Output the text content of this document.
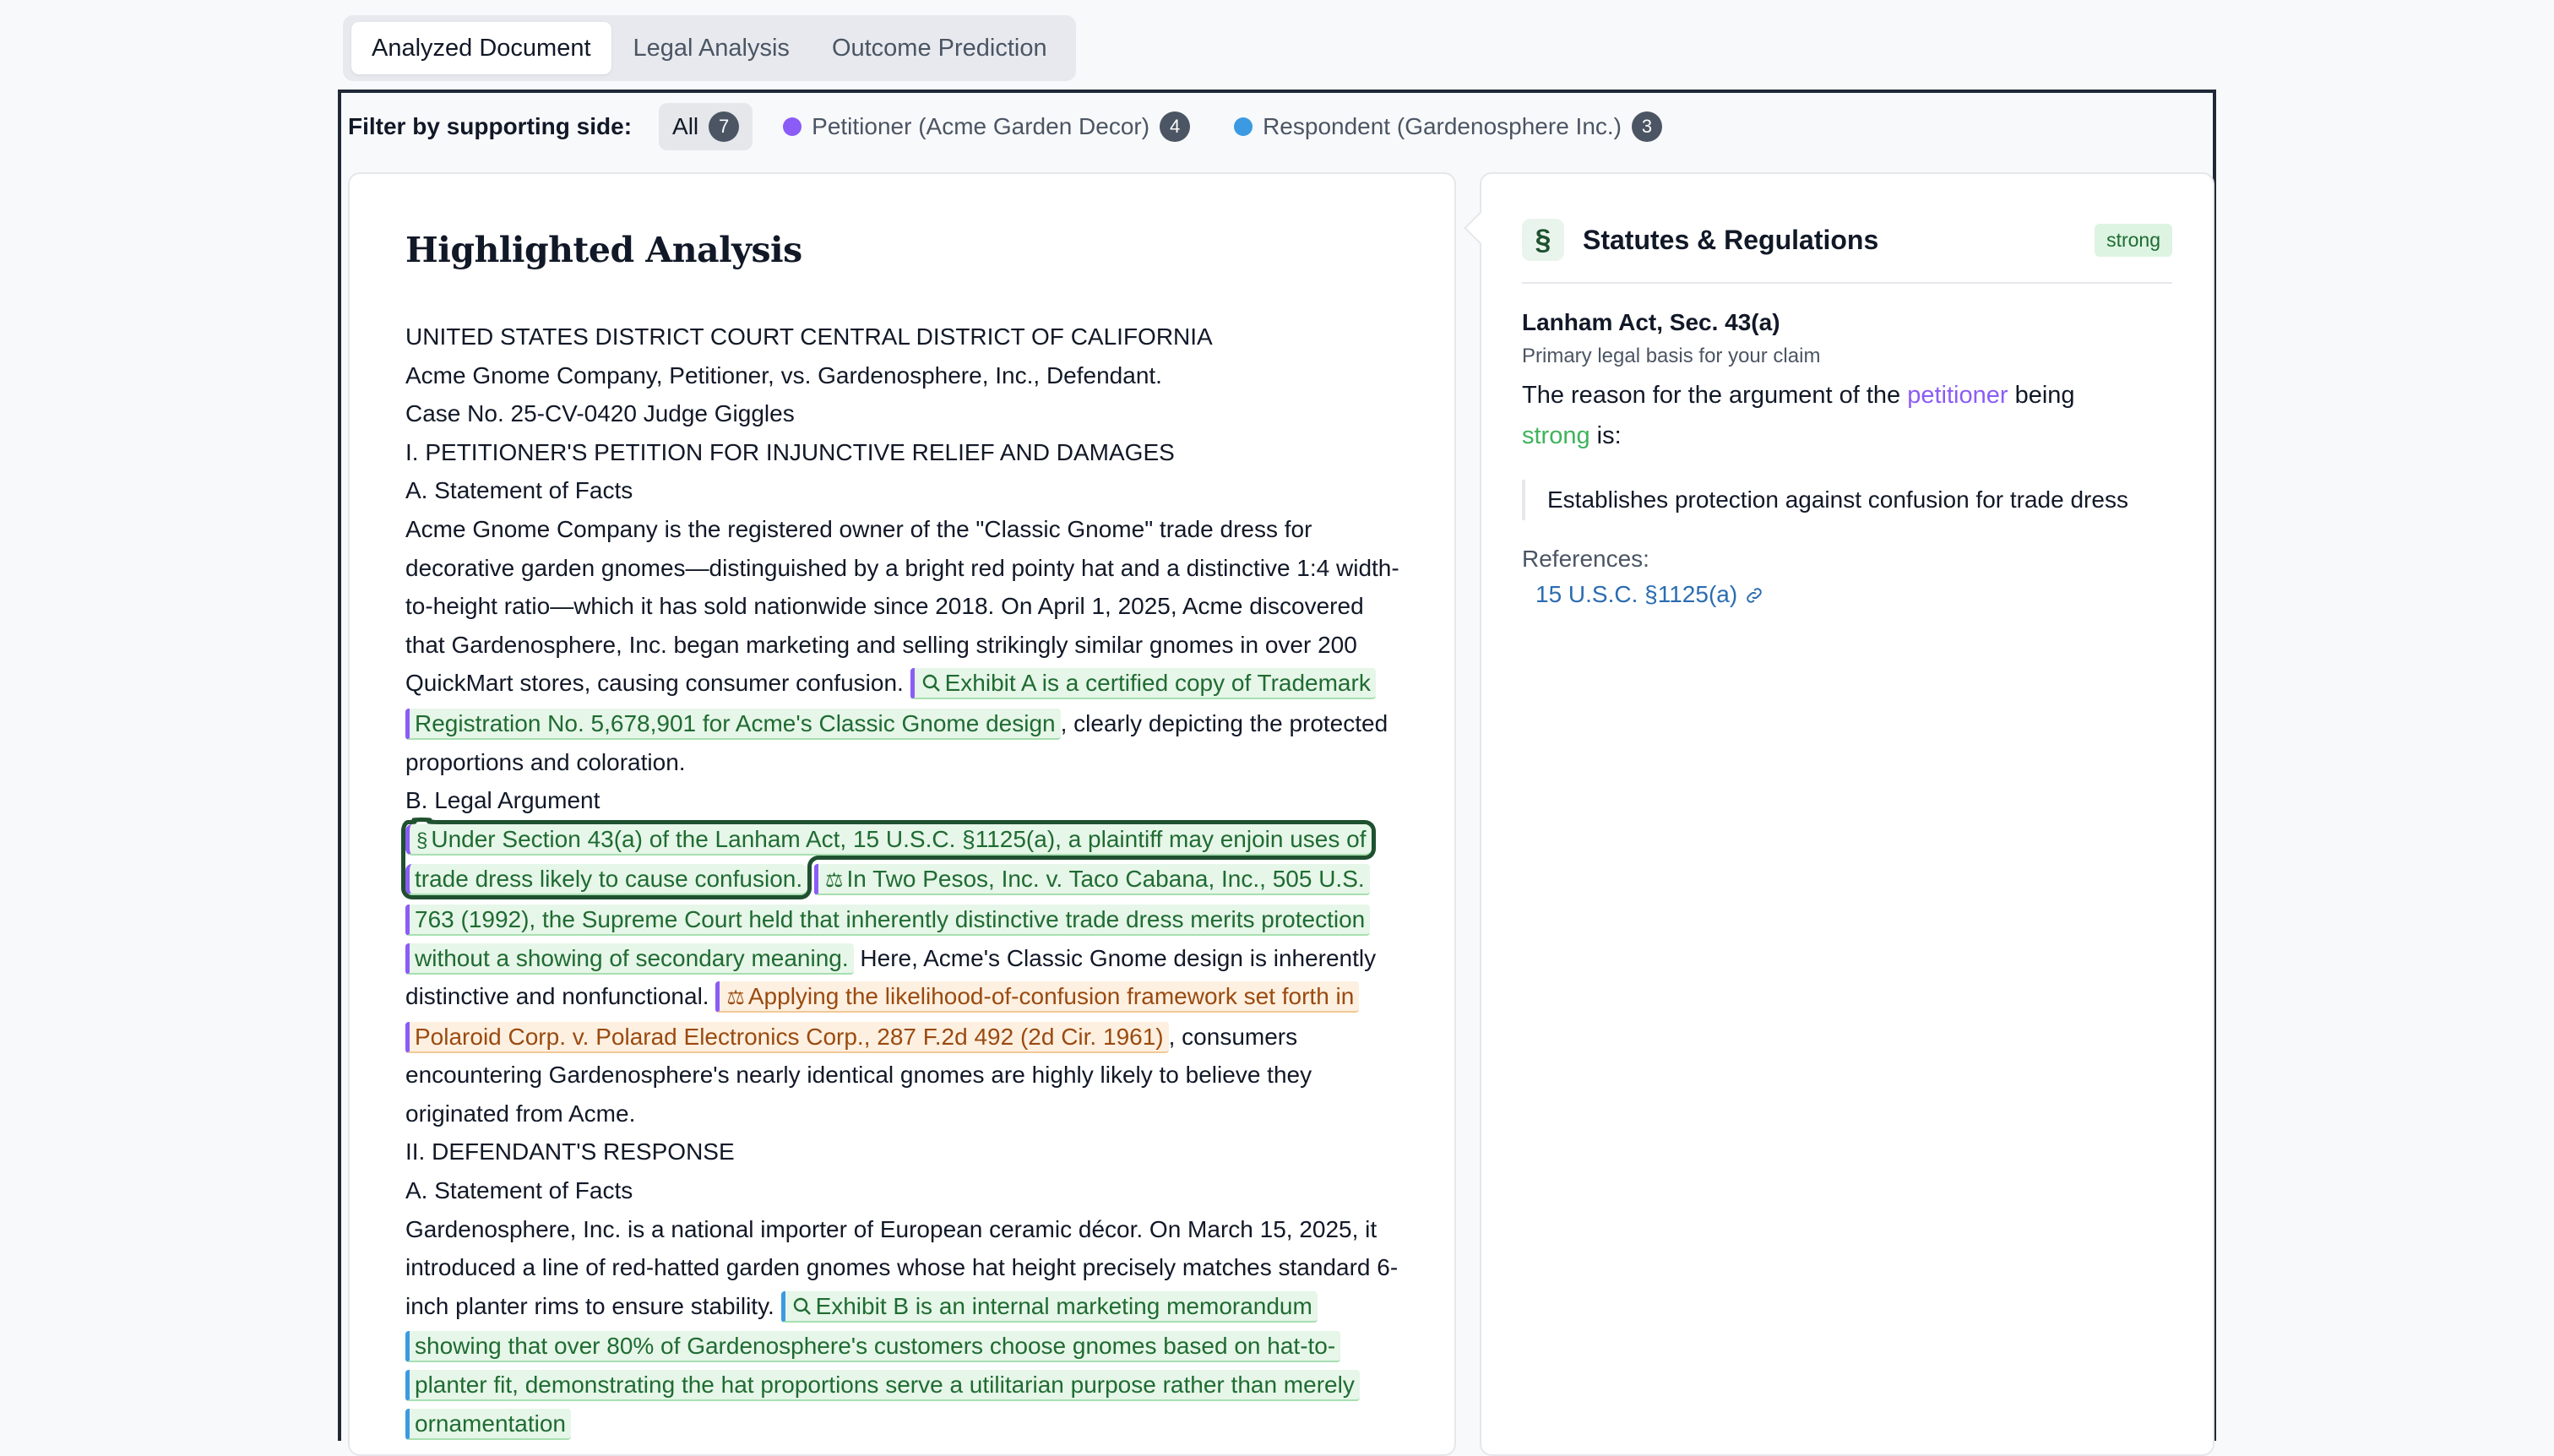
Analyzed Document	Legal Analysis	Outcome Prediction
Filter by supporting side: All	7	Petitioner (Acme Garden Decor)	4	Respondent (Gardenosphere Inc.)	3
Highlighted Analysis

UNITED STATES DISTRICT COURT CENTRAL DISTRICT OF CALIFORNIA

Acme Gnome Company, Petitioner, vs. Gardenosphere, Inc., Defendant.

Case No. 25-CV-0420 Judge Giggles

I. PETITIONER'S PETITION FOR INJUNCTIVE RELIEF AND DAMAGES

A. Statement of Facts

Acme Gnome Company is the registered owner of the "Classic Gnome" trade dress for decorative garden gnomes—distinguished by a bright red pointy hat and a distinctive 1:4 width-to-height ratio—which it has sold nationwide since 2018. On April 1, 2025, Acme discovered that Gardenosphere, Inc. began marketing and selling strikingly similar gnomes in over 200 QuickMart stores, causing consumer confusion. Exhibit A is a certified copy of Trademark Registration No. 5,678,901 for Acme's Classic Gnome design , clearly depicting the protected proportions and coloration.

B. Legal Argument

§ Under Section 43(a) of the Lanham Act, 15 U.S.C. §1125(a), a plaintiff may enjoin uses of trade dress likely to cause confusion. ⚖ In Two Pesos, Inc. v. Taco Cabana, Inc., 505 U.S. 763 (1992), the Supreme Court held that inherently distinctive trade dress merits protection without a showing of secondary meaning. Here, Acme's Classic Gnome design is inherently distinctive and nonfunctional. ⚖ Applying the likelihood-of-confusion framework set forth in Polaroid Corp. v. Polarad Electronics Corp., 287 F.2d 492 (2d Cir. 1961) , consumers encountering Gardenosphere's nearly identical gnomes are highly likely to believe they originated from Acme.

II. DEFENDANT'S RESPONSE

A. Statement of Facts

Gardenosphere, Inc. is a national importer of European ceramic décor. On March 15, 2025, it introduced a line of red-hatted garden gnomes whose hat height precisely matches standard 6-inch planter rims to ensure stability. Exhibit B is an internal marketing memorandum showing that over 80% of Gardenosphere's customers choose gnomes based on hat-to-planter fit, demonstrating the hat proportions serve a utilitarian purpose rather than merely ornamentation

§	Statutes & Regulations	strong
Lanham Act, Sec. 43(a)
Primary legal basis for your claim
The reason for the argument of the petitioner being
strong is:
Establishes protection against confusion for trade dress
References:
15 U.S.C. §1125(a)
